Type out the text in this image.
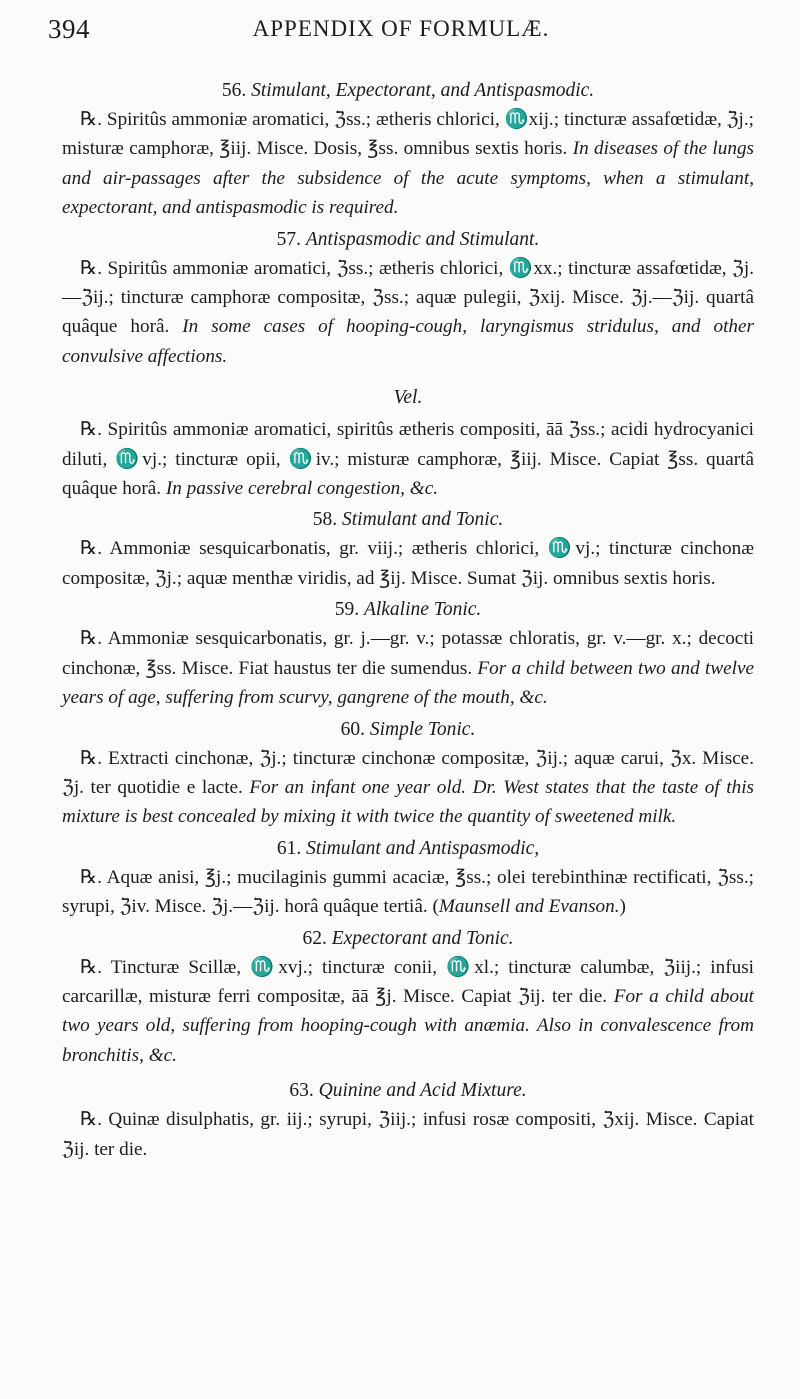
394	APPENDIX OF FORMULÆ.
56. Stimulant, Expectorant, and Antispasmodic.

℞. Spiritûs ammoniæ aromatici, ℨss.; ætheris chlorici, ♏xij.; tincturæ assafœtidæ, ℨj.; misturæ camphoræ, ℥iij. Misce. Dosis, ℥ss. omnibus sextis horis. In diseases of the lungs and air-passages after the subsidence of the acute symptoms, when a stimulant, expectorant, and antispasmodic is required.

57. Antispasmodic and Stimulant.

℞. Spiritûs ammoniæ aromatici, ℨss.; ætheris chlorici, ♏xx.; tincturæ assafœtidæ, ℨj.—ℨij.; tincturæ camphoræ compositæ, ℨss.; aquæ pulegii, ℨxij. Misce. ℨj.—ℨij. quartâ quâque horâ. In some cases of hooping-cough, laryngismus stridulus, and other convulsive affections.

Vel.

℞. Spiritûs ammoniæ aromatici, spiritûs ætheris compositi, āā ℨss.; acidi hydrocyanici diluti, ♏vj.; tincturæ opii, ♏iv.; misturæ camphoræ, ℥iij. Misce. Capiat ℥ss. quartâ quâque horâ. In passive cerebral congestion, &c.

58. Stimulant and Tonic.

℞. Ammoniæ sesquicarbonatis, gr. viij.; ætheris chlorici, ♏vj.; tincturæ cinchonæ compositæ, ℨj.; aquæ menthæ viridis, ad ℥ij. Misce. Sumat ℨij. omnibus sextis horis.

59. Alkaline Tonic.

℞. Ammoniæ sesquicarbonatis, gr. j.—gr. v.; potassæ chloratis, gr. v.—gr. x.; decocti cinchonæ, ℥ss. Misce. Fiat haustus ter die sumendus. For a child between two and twelve years of age, suffering from scurvy, gangrene of the mouth, &c.

60. Simple Tonic.

℞. Extracti cinchonæ, ℨj.; tincturæ cinchonæ compositæ, ℨij.; aquæ carui, ℨx. Misce. ℨj. ter quotidie e lacte. For an infant one year old. Dr. West states that the taste of this mixture is best concealed by mixing it with twice the quantity of sweetened milk.

61. Stimulant and Antispasmodic,

℞. Aquæ anisi, ℥j.; mucilaginis gummi acaciæ, ℥ss.; olei terebinthinæ rectificati, ℨss.; syrupi, ℨiv. Misce. ℨj.—ℨij. horâ quâque tertiâ. (Maunsell and Evanson.)

62. Expectorant and Tonic.

℞. Tincturæ Scillæ, ♏xvj.; tincturæ conii, ♏xl.; tincturæ calumbæ, ℨiij.; infusi carcarillæ, misturæ ferri compositæ, āā ℥j. Misce. Capiat ℨij. ter die. For a child about two years old, suffering from hooping-cough with anæmia. Also in convalescence from bronchitis, &c.

63. Quinine and Acid Mixture.

℞. Quinæ disulphatis, gr. iij.; syrupi, ℨiij.; infusi rosæ compositi, ℨxij. Misce. Capiat ℨij. ter die.
